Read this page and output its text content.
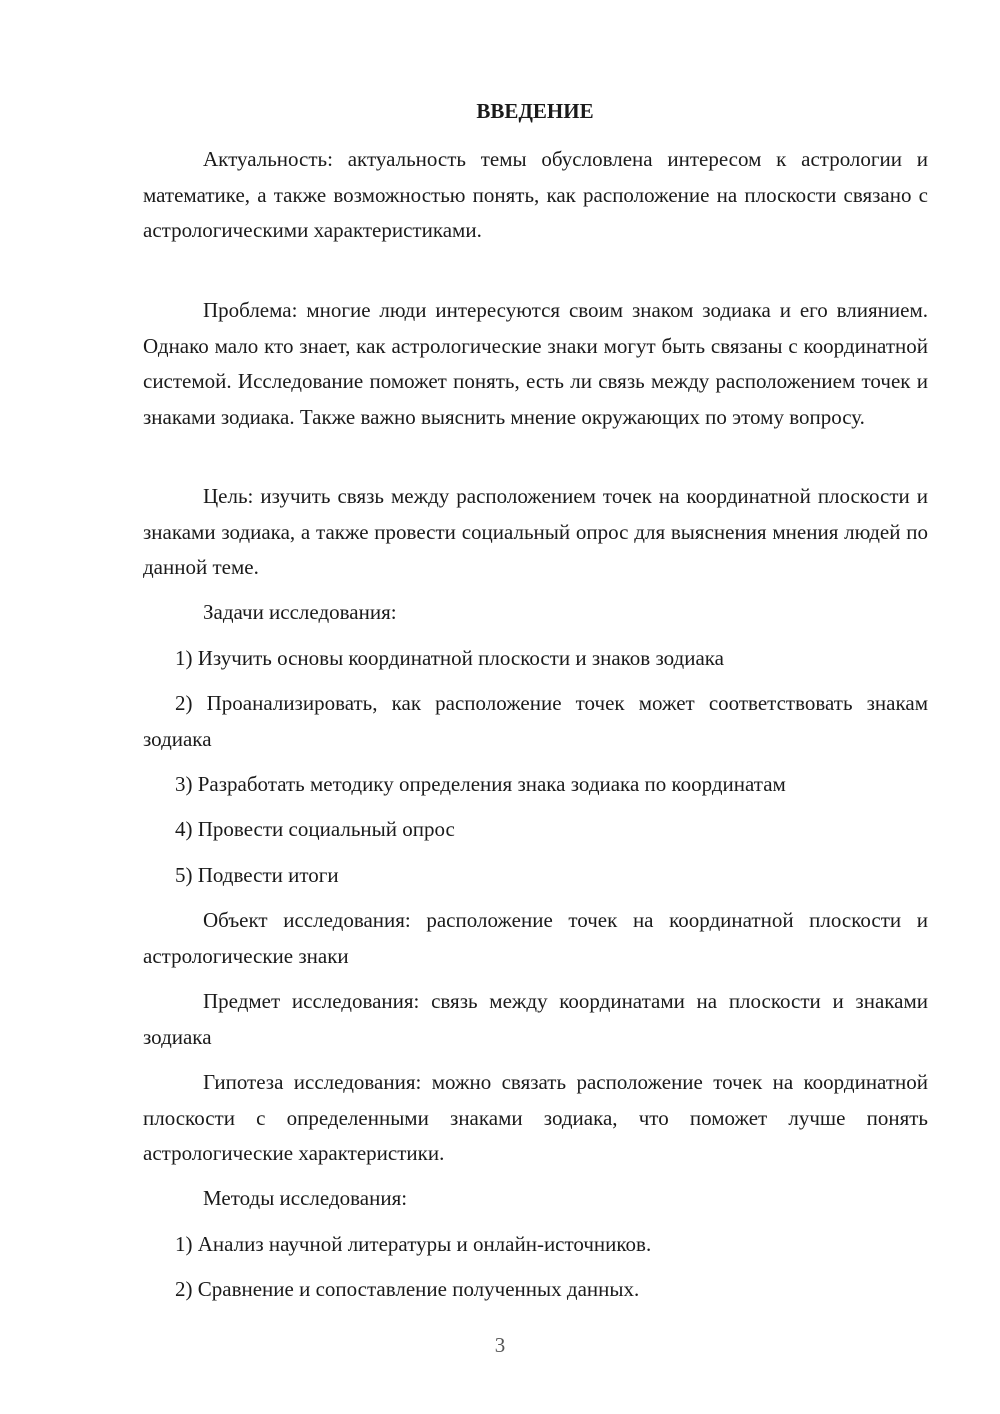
ВВЕДЕНИЕ

Актуальность: актуальность темы обусловлена интересом к астрологии и математике, а также возможностью понять, как расположение на плоскости связано с астрологическими характеристиками.

Проблема: многие люди интересуются своим знаком зодиака и его влиянием. Однако мало кто знает, как астрологические знаки могут быть связаны с координатной системой. Исследование поможет понять, есть ли связь между расположением точек и знаками зодиака. Также важно выяснить мнение окружающих по этому вопросу.

Цель: изучить связь между расположением точек на координатной плоскости и знаками зодиака, а также провести социальный опрос для выяснения мнения людей по данной теме.

Задачи исследования:

1) Изучить основы координатной плоскости и знаков зодиака

2) Проанализировать, как расположение точек может соответствовать знакам зодиака

3) Разработать методику определения знака зодиака по координатам

4) Провести социальный опрос

5) Подвести итоги

Объект исследования: расположение точек на координатной плоскости и астрологические знаки

Предмет исследования: связь между координатами на плоскости и знаками зодиака

Гипотеза исследования: можно связать расположение точек на координатной плоскости с определенными знаками зодиака, что поможет лучше понять астрологические характеристики.

Методы исследования:

1) Анализ научной литературы и онлайн-источников.

2) Сравнение и сопоставление полученных данных.

3
